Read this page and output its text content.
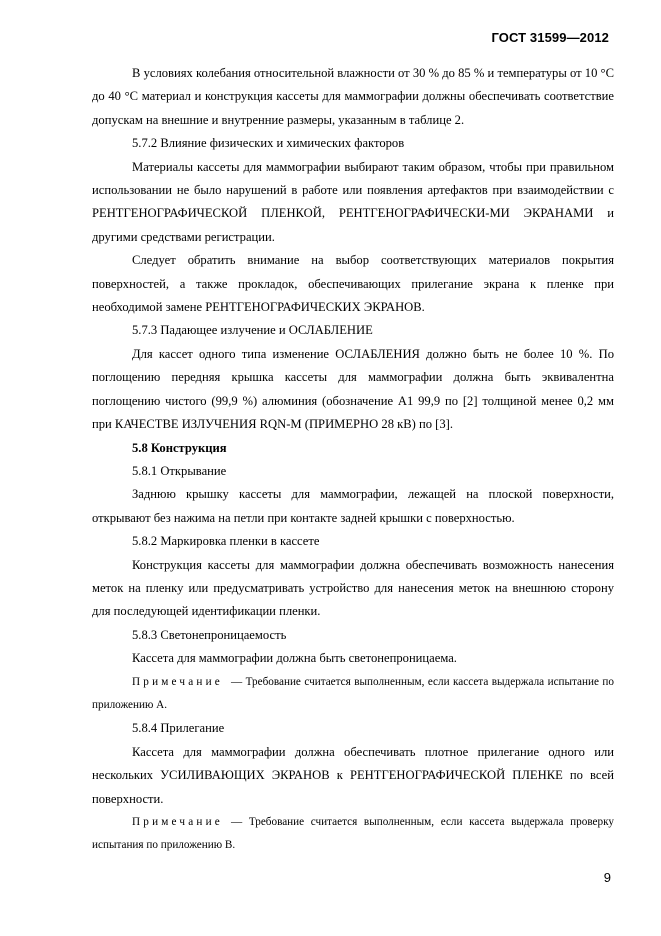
ГОСТ 31599—2012

В условиях колебания относительной влажности от 30 % до 85 % и температуры от 10 °С до 40 °С материал и конструкция кассеты для маммографии должны обеспечивать соответствие допускам на внешние и внутренние размеры, указанным в таблице 2.

5.7.2 Влияние физических и химических факторов

Материалы кассеты для маммографии выбирают таким образом, чтобы при правильном использовании не было нарушений в работе или появления артефактов при взаимодействии с РЕНТГЕНОГРАФИЧЕСКОЙ ПЛЕНКОЙ, РЕНТГЕНОГРАФИЧЕСКИ-МИ ЭКРАНАМИ и другими средствами регистрации.

Следует обратить внимание на выбор соответствующих материалов покрытия поверхностей, а также прокладок, обеспечивающих прилегание экрана к пленке при необходимой замене РЕНТГЕНОГРАФИЧЕСКИХ ЭКРАНОВ.

5.7.3 Падающее излучение и ОСЛАБЛЕНИЕ

Для кассет одного типа изменение ОСЛАБЛЕНИЯ должно быть не более 10 %. По поглощению передняя крышка кассеты для маммографии должна быть эквивалентна поглощению чистого (99,9 %) алюминия (обозначение А1 99,9 по [2] толщиной менее 0,2 мм при КАЧЕСТВЕ ИЗЛУЧЕНИЯ RQN-M (ПРИМЕРНО 28 кВ) по [3].

5.8 Конструкция

5.8.1 Открывание

Заднюю крышку кассеты для маммографии, лежащей на плоской поверхности, открывают без нажима на петли при контакте задней крышки с поверхностью.

5.8.2 Маркировка пленки в кассете

Конструкция кассеты для маммографии должна обеспечивать возможность нанесения меток на пленку или предусматривать устройство для нанесения меток на внешнюю сторону для последующей идентификации пленки.

5.8.3 Светонепроницаемость

Кассета для маммографии должна быть светонепроницаема.

Примечание — Требование считается выполненным, если кассета выдержала испытание по приложению А.

5.8.4 Прилегание

Кассета для маммографии должна обеспечивать плотное прилегание одного или нескольких УСИЛИВАЮЩИХ ЭКРАНОВ к РЕНТГЕНОГРАФИЧЕСКОЙ ПЛЕНКЕ по всей поверхности.

Примечание — Требование считается выполненным, если кассета выдержала проверку испытания по приложению В.

9
